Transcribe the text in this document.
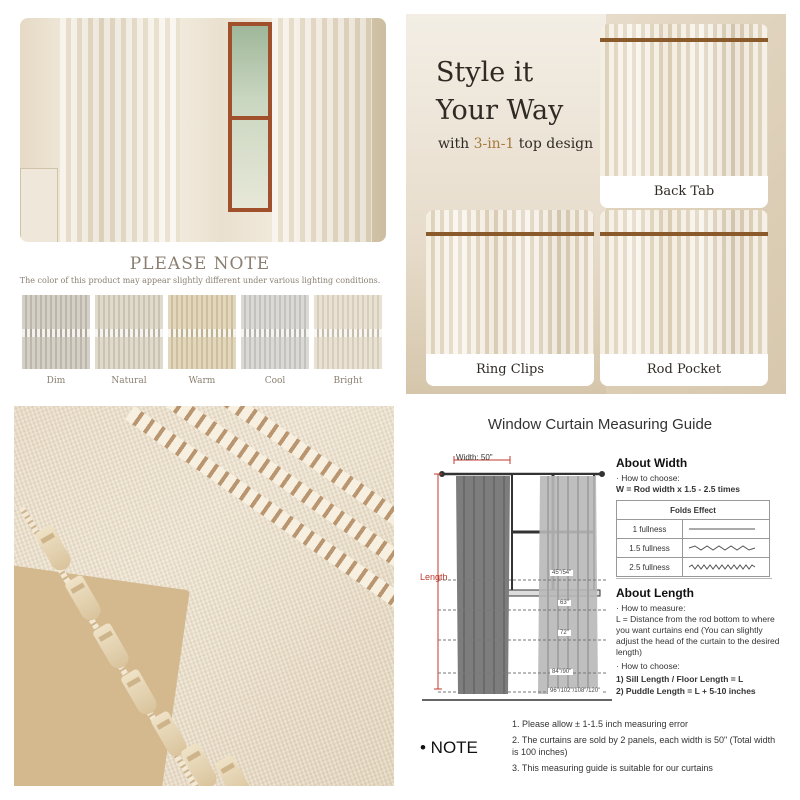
PLEASE NOTE
The color of this product may appear slightly different under various lighting conditions.
Dim	Natural	Warm	Cool	Bright
Style it
Your Way
with 3-in-1 top design
Back Tab
Ring Clips	Rod Pocket
Window Curtain Measuring Guide
Width: 50"
Length	45"/54"
63"
72"
84"/90"
96"/102"/108"/120"
About Width
· How to choose:
W = Rod width x 1.5 - 2.5 times
Folds Effect	
1 fullness	
1.5 fullness	
2.5 fullness	
About Length
· How to measure:
L = Distance from the rod bottom to where you want curtains end (You can slightly adjust the head of the curtain to the desired length)
· How to choose:
1) Sill Length / Floor Length = L
2) Puddle Length = L + 5-10 inches
• NOTE
1. Please allow ± 1-1.5 inch measuring error
2. The curtains are sold by 2 panels, each width is 50" (Total width is 100 inches)
3. This measuring guide is suitable for our curtains
